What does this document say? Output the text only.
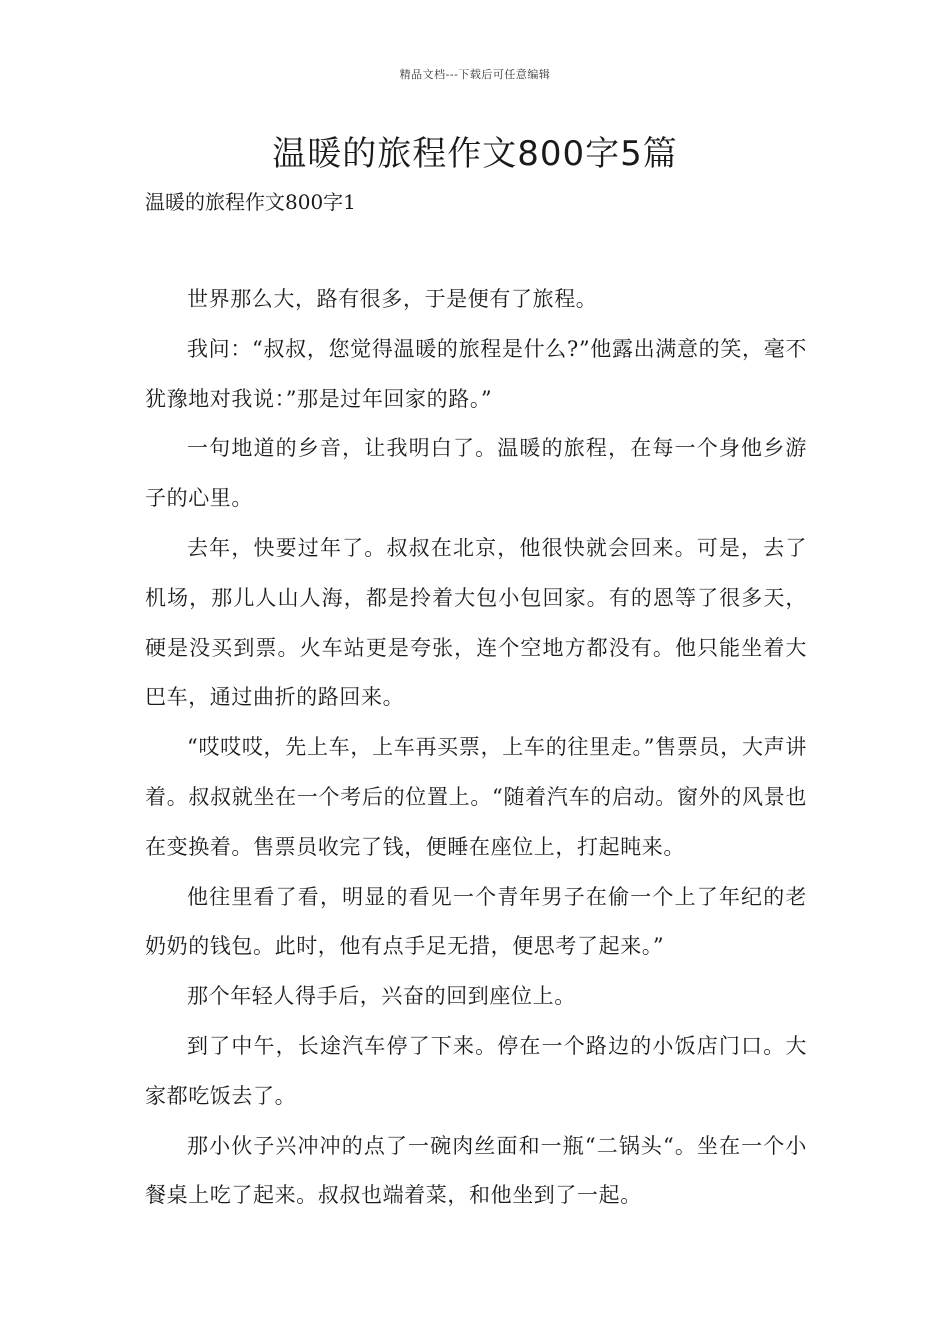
精品文档---下载后可任意编辑
温暖的旅程作文800字5篇
温暖的旅程作文800字1

世界那么大，路有很多，于是便有了旅程。

我问：“叔叔，您觉得温暖的旅程是什么?”他露出满意的笑，毫不犹豫地对我说：”那是过年回家的路。”

一句地道的乡音，让我明白了。温暖的旅程，在每一个身他乡游子的心里。

去年，快要过年了。叔叔在北京，他很快就会回来。可是，去了机场，那儿人山人海，都是拎着大包小包回家。有的恩等了很多天，硬是没买到票。火车站更是夸张，连个空地方都没有。他只能坐着大巴车，通过曲折的路回来。

“哎哎哎，先上车，上车再买票，上车的往里走。”售票员，大声讲着。叔叔就坐在一个考后的位置上。“随着汽车的启动。窗外的风景也在变换着。售票员收完了钱，便睡在座位上，打起盹来。

他往里看了看，明显的看见一个青年男子在偷一个上了年纪的老奶奶的钱包。此时，他有点手足无措，便思考了起来。”

那个年轻人得手后，兴奋的回到座位上。

到了中午，长途汽车停了下来。停在一个路边的小饭店门口。大家都吃饭去了。

那小伙子兴冲冲的点了一碗肉丝面和一瓶“二锅头“。坐在一个小餐桌上吃了起来。叔叔也端着菜，和他坐到了一起。
